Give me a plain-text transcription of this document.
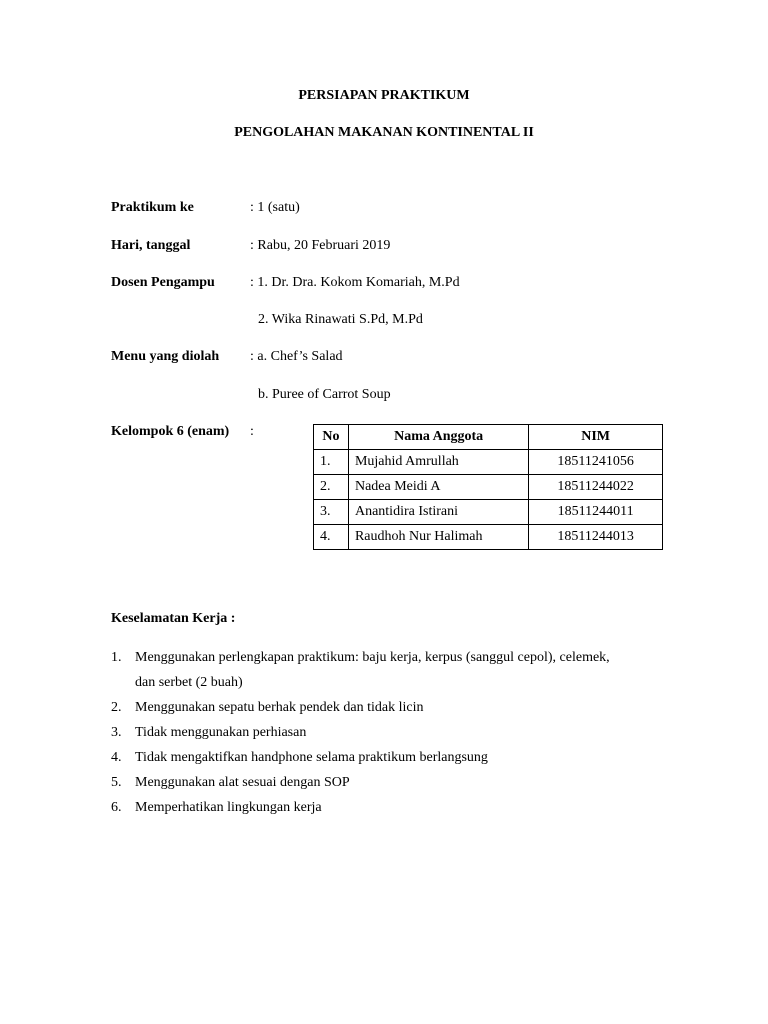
PERSIAPAN PRAKTIKUM
PENGOLAHAN MAKANAN KONTINENTAL II
Praktikum ke	: 1 (satu)
Hari, tanggal	: Rabu, 20 Februari 2019
Dosen Pengampu	: 1. Dr. Dra. Kokom Komariah, M.Pd
2. Wika Rinawati S.Pd, M.Pd
Menu yang diolah : a. Chef’s Salad
b. Puree of Carrot Soup
Kelompok 6 (enam) :	No	Nama Anggota	NIM
1.	Mujahid Amrullah	18511241056
2.	Nadea Meidi A	18511244022
3.	Anantidira Istirani	18511244011
4.	Raudhoh Nur Halimah	18511244013
Keselamatan Kerja :
1. Menggunakan perlengkapan praktikum: baju kerja, kerpus (sanggul cepol), celemek,
dan serbet (2 buah)
2. Menggunakan sepatu berhak pendek dan tidak licin
3. Tidak menggunakan perhiasan
4. Tidak mengaktifkan handphone selama praktikum berlangsung
5. Menggunakan alat sesuai dengan SOP
6. Memperhatikan lingkungan kerja
